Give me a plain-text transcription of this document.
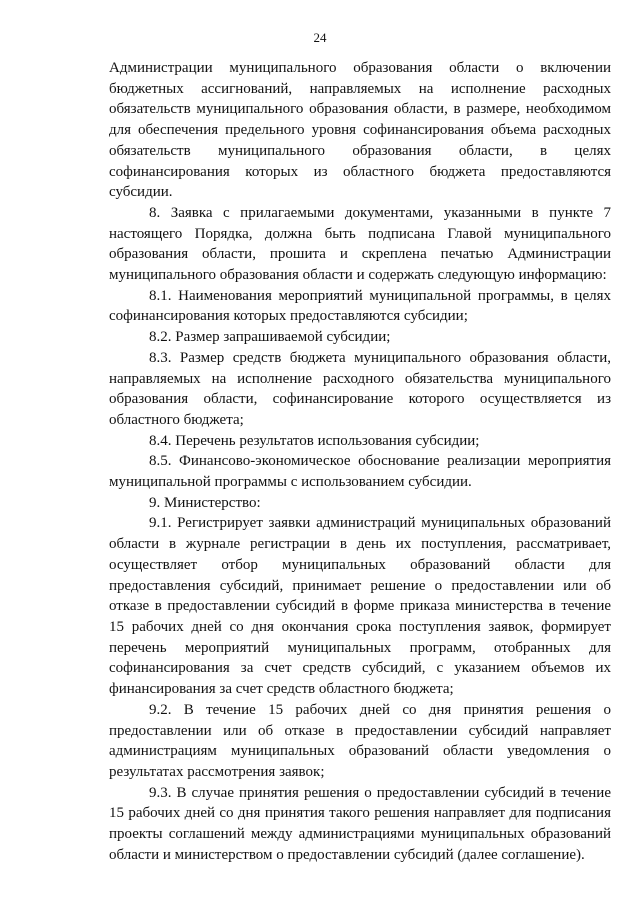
24

Администрации муниципального образования области о включении бюджетных ассигнований, направляемых на исполнение расходных обязательств муниципального образования области, в размере, необходимом для обеспечения предельного уровня софинансирования объема расходных обязательств муниципального образования области, в целях софинансирования которых из областного бюджета предоставляются субсидии.

8. Заявка с прилагаемыми документами, указанными в пункте 7 настоящего Порядка, должна быть подписана Главой муниципального образования области, прошита и скреплена печатью Администрации муниципального образования области и содержать следующую информацию:

8.1. Наименования мероприятий муниципальной программы, в целях софинансирования которых предоставляются субсидии;

8.2. Размер запрашиваемой субсидии;

8.3. Размер средств бюджета муниципального образования области, направляемых на исполнение расходного обязательства муниципального образования области, софинансирование которого осуществляется из областного бюджета;

8.4. Перечень результатов использования субсидии;

8.5. Финансово-экономическое обоснование реализации мероприятия муниципальной программы с использованием субсидии.

9. Министерство:

9.1. Регистрирует заявки администраций муниципальных образований области в журнале регистрации в день их поступления, рассматривает, осуществляет отбор муниципальных образований области для предоставления субсидий, принимает решение о предоставлении или об отказе в предоставлении субсидий в форме приказа министерства в течение 15 рабочих дней со дня окончания срока поступления заявок, формирует перечень мероприятий муниципальных программ, отобранных для софинансирования за счет средств субсидий, с указанием объемов их финансирования за счет средств областного бюджета;

9.2. В течение 15 рабочих дней со дня принятия решения о предоставлении или об отказе в предоставлении субсидий направляет администрациям муниципальных образований области уведомления о результатах рассмотрения заявок;

9.3. В случае принятия решения о предоставлении субсидий в течение 15 рабочих дней со дня принятия такого решения направляет для подписания проекты соглашений между администрациями муниципальных образований области и министерством о предоставлении субсидий (далее соглашение).
